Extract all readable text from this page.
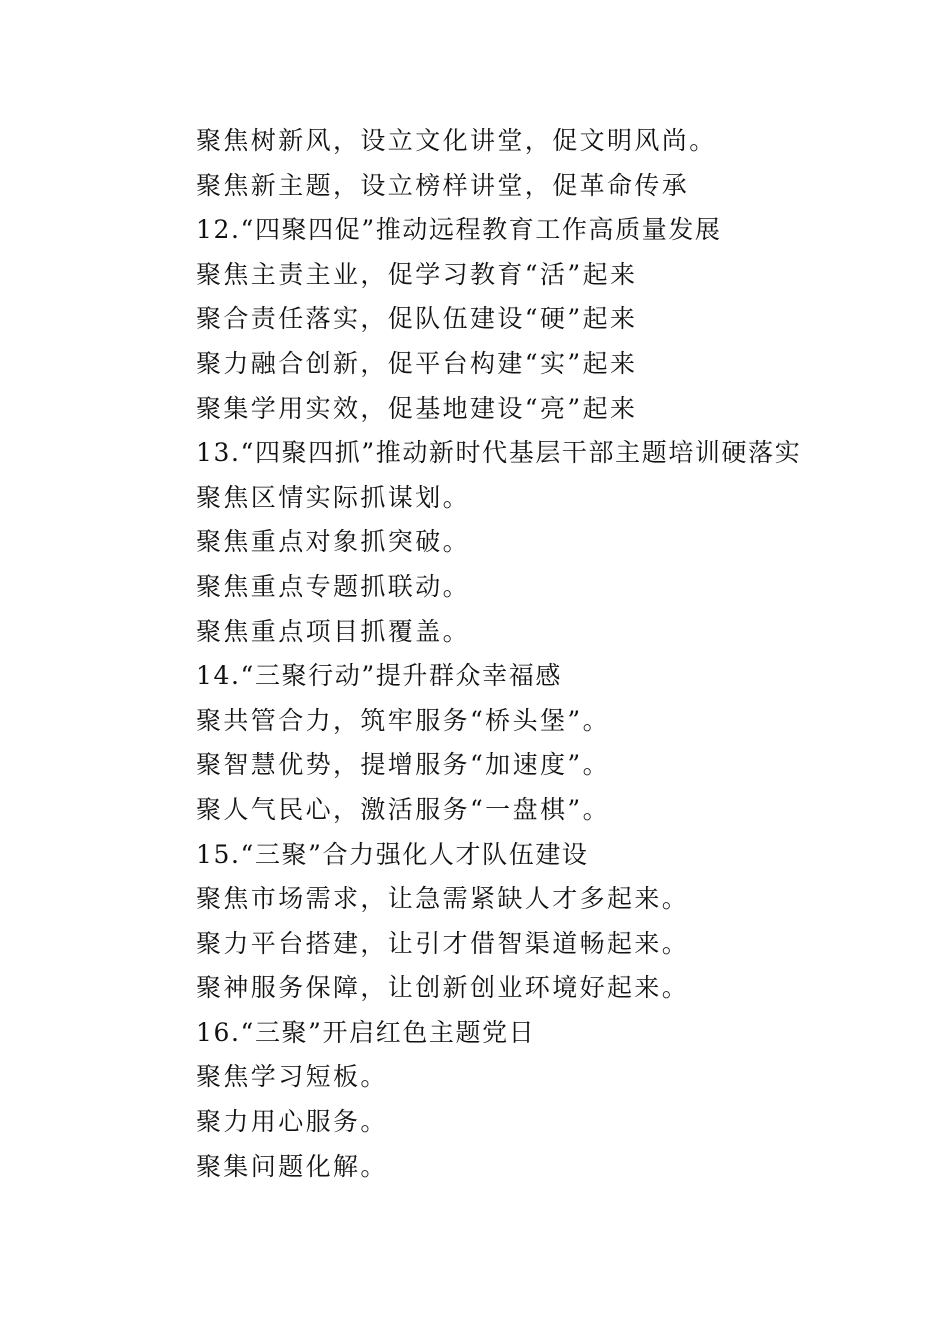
聚焦树新风，设立文化讲堂，促文明风尚。
聚焦新主题，设立榜样讲堂，促革命传承
12.“四聚四促”推动远程教育工作高质量发展
聚焦主责主业，促学习教育“活”起来
聚合责任落实，促队伍建设“硬”起来
聚力融合创新，促平台构建“实”起来
聚集学用实效，促基地建设“亮”起来
13.“四聚四抓”推动新时代基层干部主题培训硬落实
聚焦区情实际抓谋划。
聚焦重点对象抓突破。
聚焦重点专题抓联动。
聚焦重点项目抓覆盖。
14.“三聚行动”提升群众幸福感
聚共管合力，筑牢服务“桥头堡”。
聚智慧优势，提增服务“加速度”。
聚人气民心，激活服务“一盘棋”。
15.“三聚”合力强化人才队伍建设
聚焦市场需求，让急需紧缺人才多起来。
聚力平台搭建，让引才借智渠道畅起来。
聚神服务保障，让创新创业环境好起来。
16.“三聚”开启红色主题党日
聚焦学习短板。
聚力用心服务。
聚集问题化解。
